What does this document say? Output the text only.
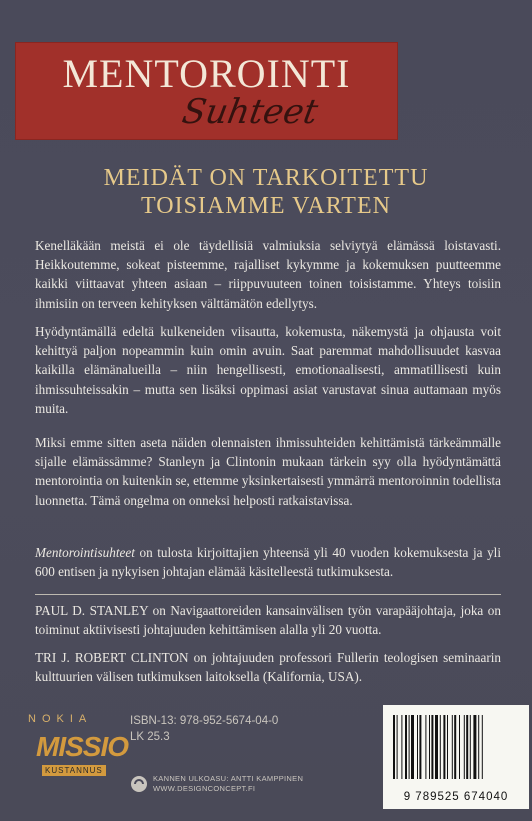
MENTOROINTI
Suhteet
MEIDÄT ON TARKOITETTU
TOISIAMME VARTEN

Kenelläkään meistä ei ole täydellisiä valmiuksia selviytyä elämässä loistavasti. Heikkoutemme, sokeat pisteemme, rajalliset kykymme ja kokemuksen puutteemme kaikki viittaavat yhteen asiaan – riippuvuuteen toinen toisistamme. Yhteys toisiin ihmisiin on terveen kehityksen välttämätön edellytys.

Hyödyntämällä edeltä kulkeneiden viisautta, kokemusta, näkemystä ja ohjausta voit kehittyä paljon nopeammin kuin omin avuin. Saat paremmat mahdollisuudet kasvaa kaikilla elämänalueilla – niin hengellisesti, emotionaalisesti, ammatillisesti kuin ihmissuhteissakin – mutta sen lisäksi oppimasi asiat varustavat sinua auttamaan myös muita.

Miksi emme sitten aseta näiden olennaisten ihmissuhteiden kehittämistä tärkeämmälle sijalle elämässämme? Stanleyn ja Clintonin mukaan tärkein syy olla hyödyntämättä mentorointia on kuitenkin se, ettemme yksinkertaisesti ymmärrä mentoroinnin todellista luonnetta. Tämä ongelma on onneksi helposti ratkaistavissa.

Mentorointisuhteet on tulosta kirjoittajien yhteensä yli 40 vuoden kokemuksesta ja yli 600 entisen ja nykyisen johtajan elämää käsitelleestä tutkimuksesta.

PAUL D. STANLEY on Navigaattoreiden kansainvälisen työn varapääjohtaja, joka on toiminut aktiivisesti johtajuuden kehittämisen alalla yli 20 vuotta.

TRI J. ROBERT CLINTON on johtajuuden professori Fullerin teologisen seminaarin kulttuurien välisen tutkimuksen laitoksella (Kalifornia, USA).

NOKIA
MISSIO
KUSTANNUS
ISBN-13: 978-952-5674-04-0
LK 25.3
KANNEN ULKOASU: ANTTI KAMPPINEN
WWW.DESIGNCONCEPT.FI
9 789525 674040
